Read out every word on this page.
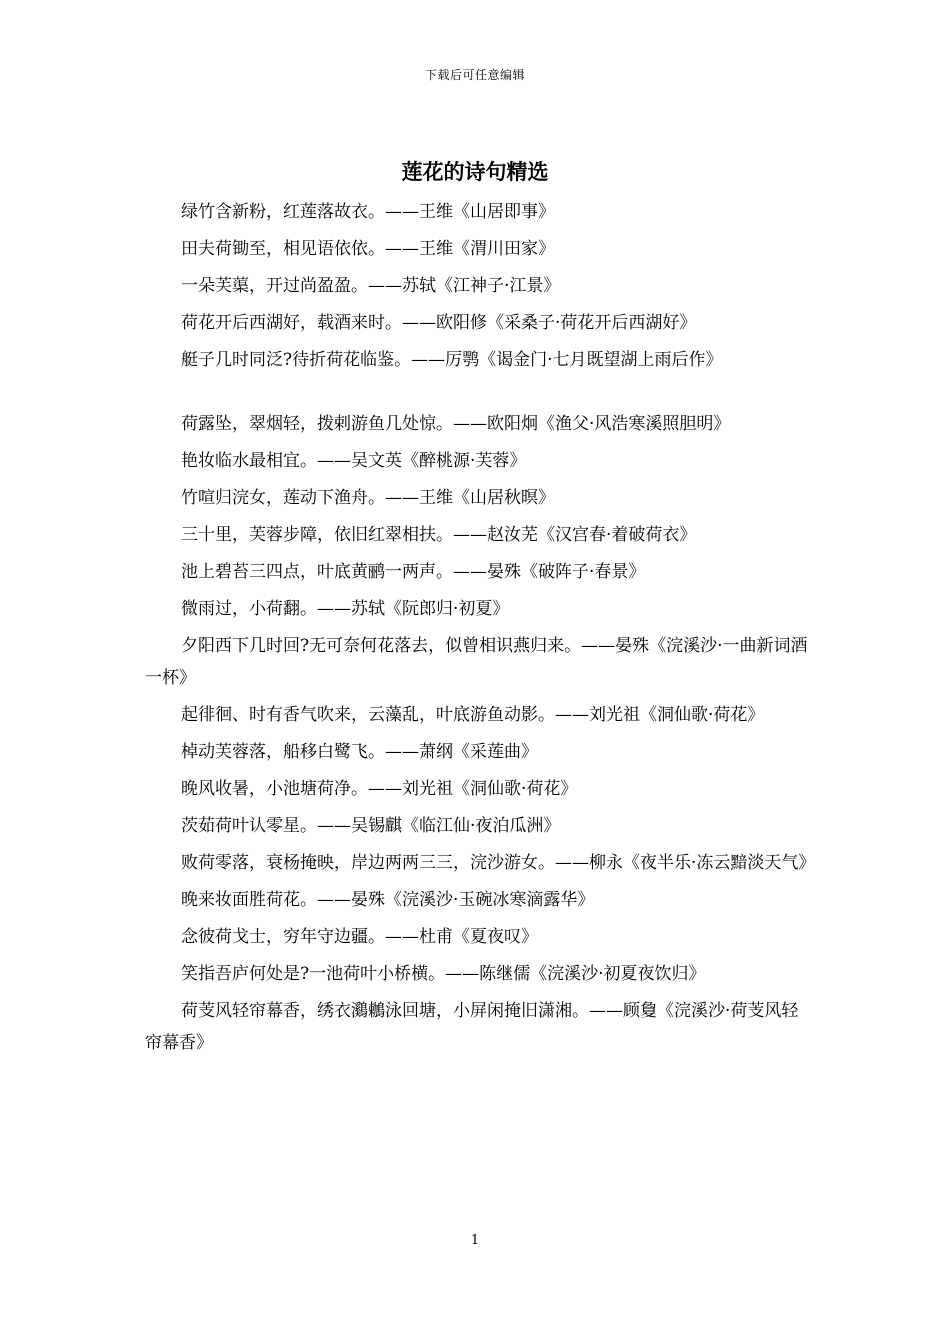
下载后可任意编辑
莲花的诗句精选
绿竹含新粉，红莲落故衣。——王维《山居即事》
田夫荷锄至，相见语依依。——王维《渭川田家》
一朵芙蕖，开过尚盈盈。——苏轼《江神子·江景》
荷花开后西湖好，载酒来时。——欧阳修《采桑子·荷花开后西湖好》
艇子几时同泛?待折荷花临鉴。——厉鹗《谒金门·七月既望湖上雨后作》
荷露坠，翠烟轻，拨剌游鱼几处惊。——欧阳炯《渔父·风浩寒溪照胆明》
艳妆临水最相宜。——吴文英《醉桃源·芙蓉》
竹喧归浣女，莲动下渔舟。——王维《山居秋暝》
三十里，芙蓉步障，依旧红翠相扶。——赵汝芜《汉宫春·着破荷衣》
池上碧苔三四点，叶底黄鹂一两声。——晏殊《破阵子·春景》
微雨过，小荷翻。——苏轼《阮郎归·初夏》
夕阳西下几时回?无可奈何花落去，似曾相识燕归来。——晏殊《浣溪沙·一曲新词酒一杯》
起徘徊、时有香气吹来，云藻乱，叶底游鱼动影。——刘光祖《洞仙歌·荷花》
棹动芙蓉落，船移白鹭飞。——萧纲《采莲曲》
晚风收暑，小池塘荷净。——刘光祖《洞仙歌·荷花》
茨茹荷叶认零星。——吴锡麒《临江仙·夜泊瓜洲》
败荷零落，衰杨掩映，岸边两两三三，浣沙游女。——柳永《夜半乐·冻云黯淡天气》
晚来妆面胜荷花。——晏殊《浣溪沙·玉碗冰寒滴露华》
念彼荷戈士，穷年守边疆。——杜甫《夏夜叹》
笑指吾庐何处是?一池荷叶小桥横。——陈继儒《浣溪沙·初夏夜饮归》
荷芰风轻帘幕香，绣衣鸂鶒泳回塘，小屏闲掩旧潇湘。——顾敻《浣溪沙·荷芰风轻帘幕香》
1
